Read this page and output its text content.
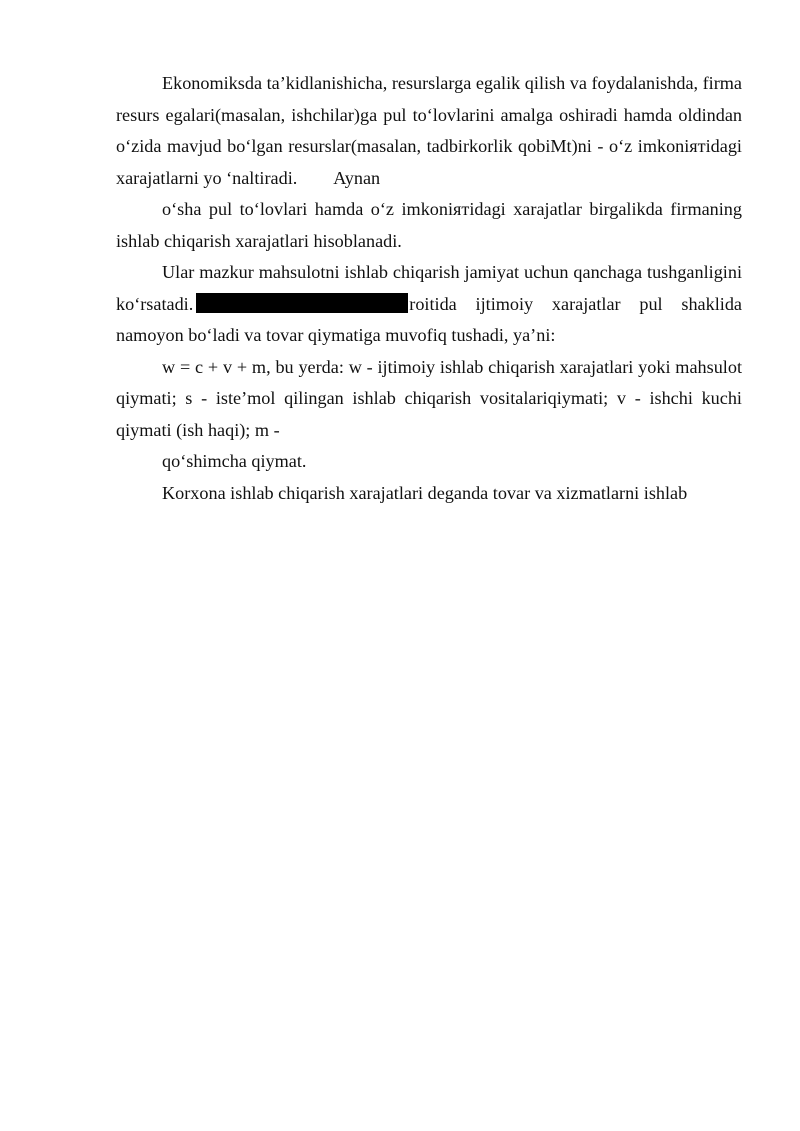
Ekonomiksda ta’kidlanishicha, resurslarga egalik qilish va foydalanishda, firma resurs egalari(masalan, ishchilar)ga pul to‘lovlarini amalga oshiradi hamda oldindan o‘zida mavjud bo‘lgan resurslar(masalan, tadbirkorlik qobiMt)ni - o‘z imkoniятidagi xarajatlarni yo ‘naltiradi. Aynan

o‘sha pul to‘lovlari hamda o‘z imkoniятidagi xarajatlar birgalikda firmaning ishlab chiqarish xarajatlari hisoblanadi.

Ular mazkur mahsulotni ishlab chiqarish jamiyat uchun qanchaga tushganligini ko‘rsatadi.	roitida ijtimoiy xarajatlar pul shaklida namoyon bo‘ladi va tovar qiymatiga muvofiq tushadi, ya’ni:

w = c + v + m, bu yerda: w - ijtimoiy ishlab chiqarish xarajatlari yoki mahsulot qiymati; s - iste’mol qilingan ishlab chiqarish vositalariqiymati; v - ishchi kuchi qiymati (ish haqi); m -

qo‘shimcha qiymat.

Korxona ishlab chiqarish xarajatlari deganda tovar va xizmatlarni ishlab
